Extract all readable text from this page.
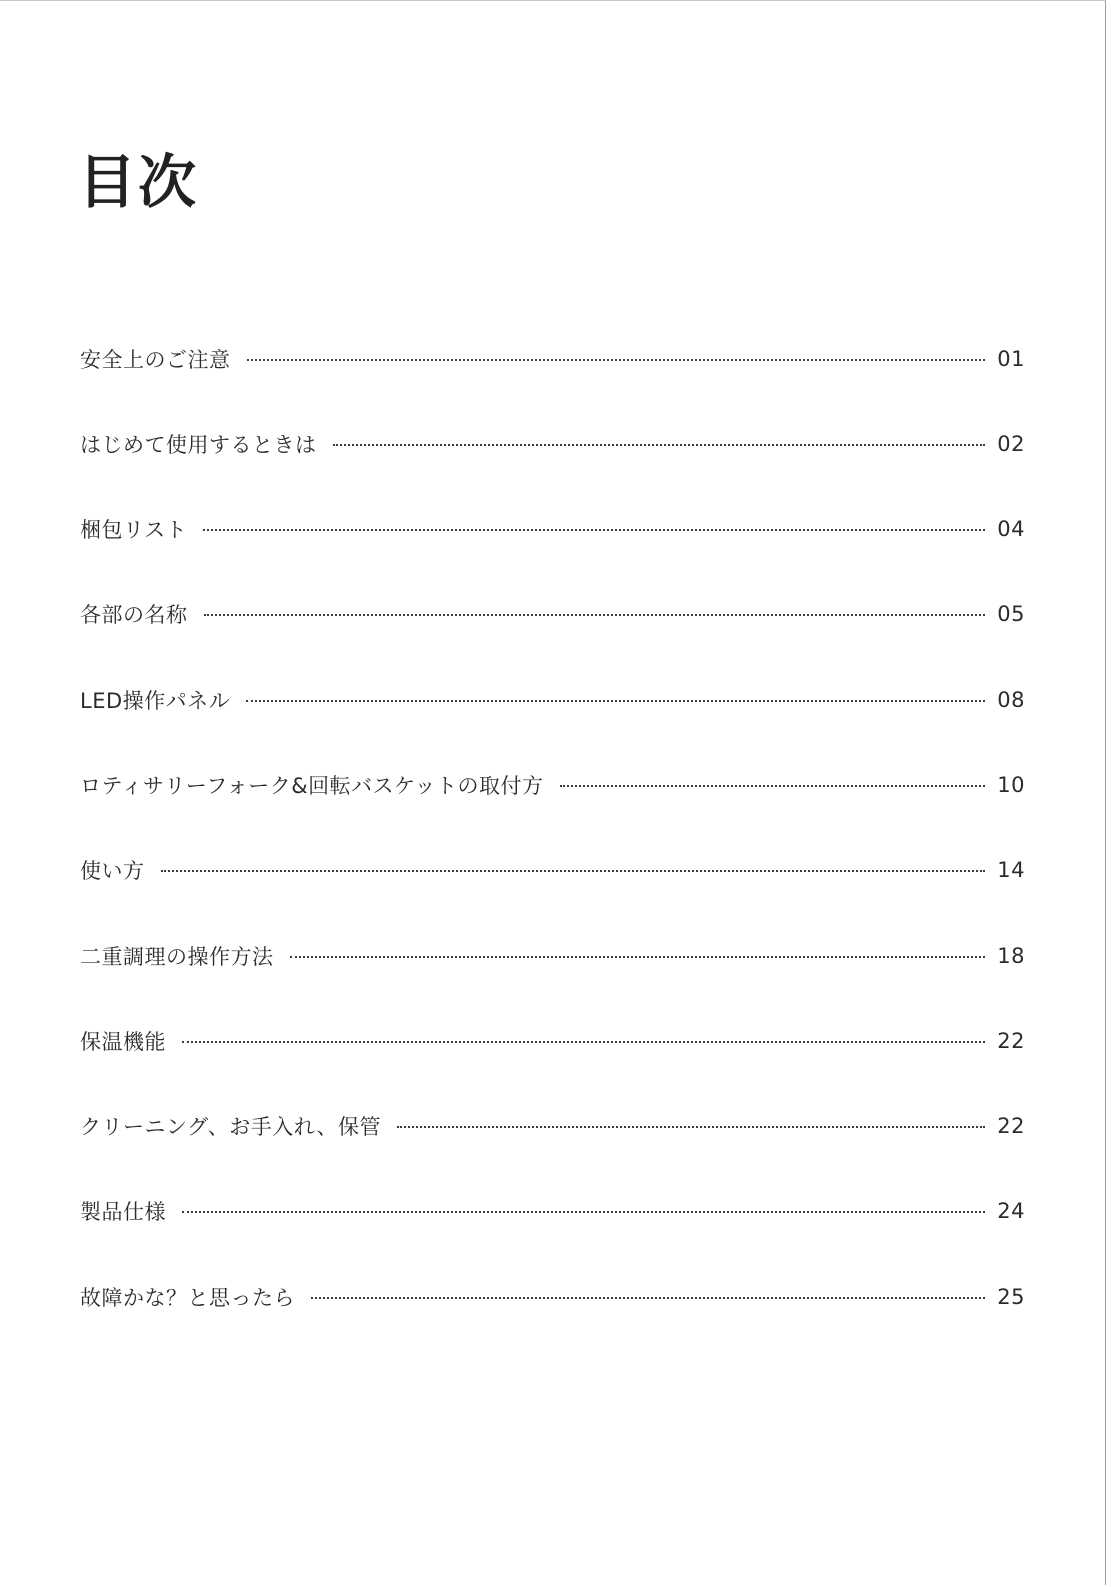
目次
安全上のご注意	01
はじめて使用するときは	02
梱包リスト	04
各部の名称	05
LED操作パネル	08
ロティサリーフォーク&回転バスケットの取付方	10
使い方	14
二重調理の操作方法	18
保温機能	22
クリーニング、お手入れ、保管	22
製品仕様	24
故障かな？と思ったら	25
